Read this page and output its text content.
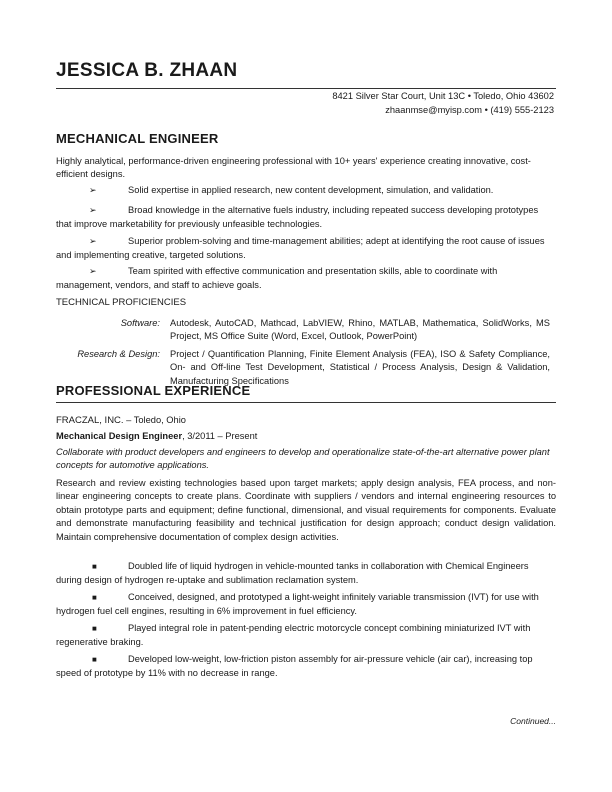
JESSICA B. ZHAAN
8421 Silver Star Court, Unit 13C • Toledo, Ohio 43602
zhaanmse@myisp.com • (419) 555-2123
MECHANICAL ENGINEER
Highly analytical, performance-driven engineering professional with 10+ years' experience creating innovative, cost-efficient designs.
➢	Solid expertise in applied research, new content development, simulation, and validation.
➢	Broad knowledge in the alternative fuels industry, including repeated success developing prototypes that improve marketability for previously unfeasible technologies.
➢	Superior problem-solving and time-management abilities; adept at identifying the root cause of issues and implementing creative, targeted solutions.
➢	Team spirited with effective communication and presentation skills, able to coordinate with management, vendors, and staff to achieve goals.
TECHNICAL PROFICIENCIES
Software: Autodesk, AutoCAD, Mathcad, LabVIEW, Rhino, MATLAB, Mathematica, SolidWorks, MS Project, MS Office Suite (Word, Excel, Outlook, PowerPoint)
Research & Design: Project / Quantification Planning, Finite Element Analysis (FEA), ISO & Safety Compliance, On- and Off-line Test Development, Statistical / Process Analysis, Design & Validation, Manufacturing Specifications
PROFESSIONAL EXPERIENCE
FRACZAL, INC. – Toledo, Ohio
Mechanical Design Engineer, 3/2011 – Present
Collaborate with product developers and engineers to develop and operationalize state-of-the-art alternative power plant concepts for automotive applications.
Research and review existing technologies based upon target markets; apply design analysis, FEA process, and non-linear engineering concepts to create plans. Coordinate with suppliers / vendors and internal engineering resources to obtain prototype parts and equipment; define functional, dimensional, and visual requirements for components. Evaluate and demonstrate manufacturing feasibility and technical justification for design approach; conduct design validation. Maintain comprehensive documentation of complex design activities.
■	Doubled life of liquid hydrogen in vehicle-mounted tanks in collaboration with Chemical Engineers during design of hydrogen re-uptake and sublimation reclamation system.
■	Conceived, designed, and prototyped a light-weight infinitely variable transmission (IVT) for use with hydrogen fuel cell engines, resulting in 6% improvement in fuel efficiency.
■	Played integral role in patent-pending electric motorcycle concept combining miniaturized IVT with regenerative braking.
■	Developed low-weight, low-friction piston assembly for air-pressure vehicle (air car), increasing top speed of prototype by 11% with no decrease in range.
Continued...
